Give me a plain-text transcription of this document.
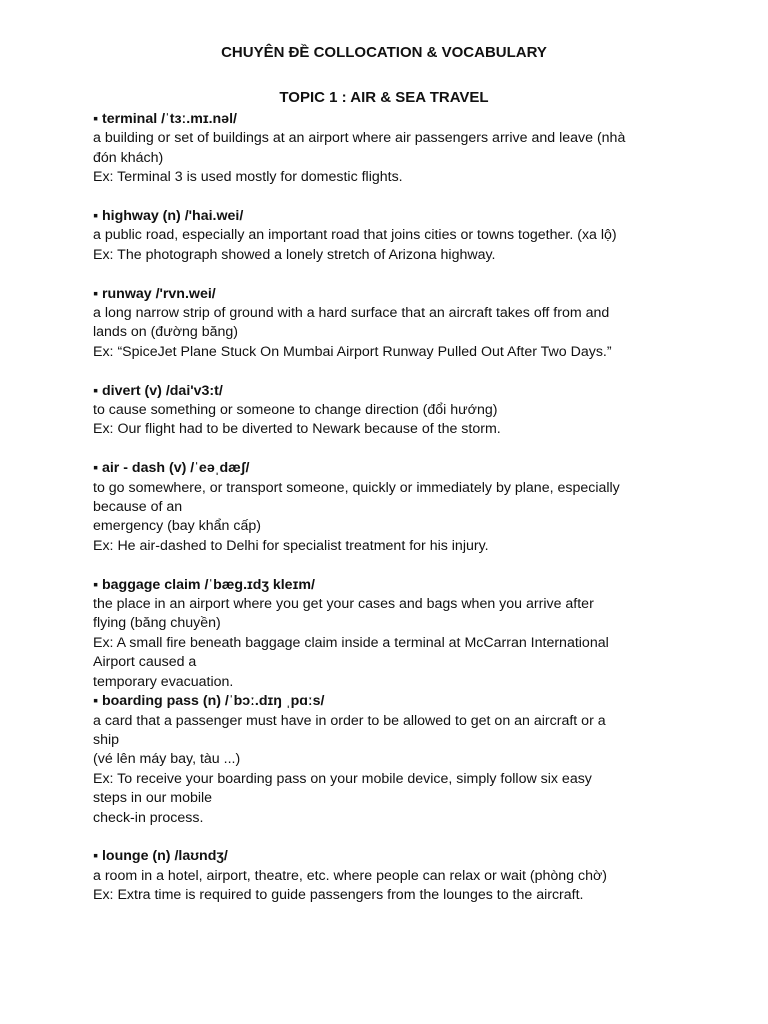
CHUYÊN ĐỀ COLLOCATION & VOCABULARY
TOPIC 1 : AIR & SEA TRAVEL
▪ terminal /ˈtɜː.mɪ.nəl/
a building or set of buildings at an airport where air passengers arrive and leave (nhà
đón khách)
Ex: Terminal 3 is used mostly for domestic flights.
▪ highway (n) /'hai.wei/
a public road, especially an important road that joins cities or towns together. (xa lộ)
Ex: The photograph showed a lonely stretch of Arizona highway.
▪ runway /'rvn.wei/
a long narrow strip of ground with a hard surface that an aircraft takes off from and
lands on (đường băng)
Ex: “SpiceJet Plane Stuck On Mumbai Airport Runway Pulled Out After Two Days.”
▪ divert (v) /dai'v3:t/
to cause something or someone to change direction (đổi hướng)
Ex: Our flight had to be diverted to Newark because of the storm.
▪ air - dash (v) /ˈeəˌdæʃ/
to go somewhere, or transport someone, quickly or immediately by plane, especially
because of an
emergency (bay khẩn cấp)
Ex: He air-dashed to Delhi for specialist treatment for his injury.
▪ baggage claim /ˈbæg.ɪdʒ kleɪm/
the place in an airport where you get your cases and bags when you arrive after
flying (băng chuyền)
Ex: A small fire beneath baggage claim inside a terminal at McCarran International
Airport caused a
temporary evacuation.
▪ boarding pass (n) /ˈbɔː.dɪŋ ˌpɑːs/
a card that a passenger must have in order to be allowed to get on an aircraft or a
ship
(vé lên máy bay, tàu ...)
Ex: To receive your boarding pass on your mobile device, simply follow six easy
steps in our mobile
check-in process.
▪ lounge (n) /laʊndʒ/
a room in a hotel, airport, theatre, etc. where people can relax or wait (phòng chờ)
Ex: Extra time is required to guide passengers from the lounges to the aircraft.
